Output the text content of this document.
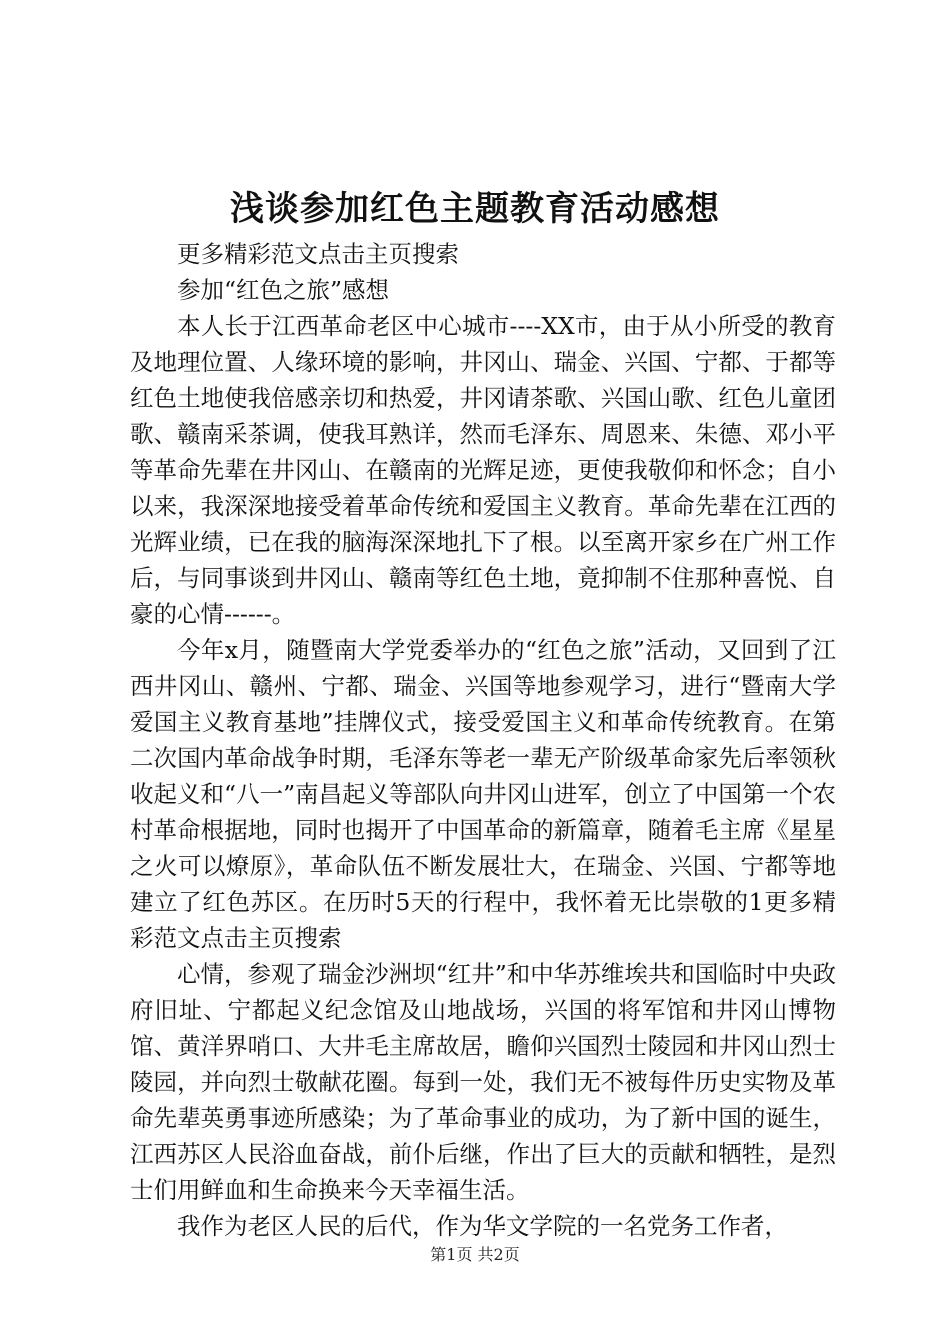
浅谈参加红色主题教育活动感想

更多精彩范文点击主页搜索

参加“红色之旅”感想

本人长于江西革命老区中心城市----XX市，由于从小所受的教育及地理位置、人缘环境的影响，井冈山、瑞金、兴国、宁都、于都等红色土地使我倍感亲切和热爱，井冈请茶歌、兴国山歌、红色儿童团歌、赣南采茶调，使我耳熟详，然而毛泽东、周恩来、朱德、邓小平等革命先辈在井冈山、在赣南的光辉足迹，更使我敬仰和怀念；自小以来，我深深地接受着革命传统和爱国主义教育。革命先辈在江西的光辉业绩，已在我的脑海深深地扎下了根。以至离开家乡在广州工作后，与同事谈到井冈山、赣南等红色土地，竟抑制不住那种喜悦、自豪的心情------。

今年x月，随暨南大学党委举办的“红色之旅”活动，又回到了江西井冈山、赣州、宁都、瑞金、兴国等地参观学习，进行“暨南大学爱国主义教育基地”挂牌仪式，接受爱国主义和革命传统教育。在第二次国内革命战争时期，毛泽东等老一辈无产阶级革命家先后率领秋收起义和“八一”南昌起义等部队向井冈山进军，创立了中国第一个农村革命根据地，同时也揭开了中国革命的新篇章，随着毛主席《星星之火可以燎原》，革命队伍不断发展壮大，在瑞金、兴国、宁都等地建立了红色苏区。在历时5天的行程中，我怀着无比崇敬的1更多精彩范文点击主页搜索

心情，参观了瑞金沙洲坝“红井”和中华苏维埃共和国临时中央政府旧址、宁都起义纪念馆及山地战场，兴国的将军馆和井冈山博物馆、黄洋界哨口、大井毛主席故居，瞻仰兴国烈士陵园和井冈山烈士陵园，并向烈士敬献花圈。每到一处，我们无不被每件历史实物及革命先辈英勇事迹所感染；为了革命事业的成功，为了新中国的诞生，江西苏区人民浴血奋战，前仆后继，作出了巨大的贡献和牺牲，是烈士们用鲜血和生命换来今天幸福生活。

我作为老区人民的后代，作为华文学院的一名党务工作者，

第1页 共2页
